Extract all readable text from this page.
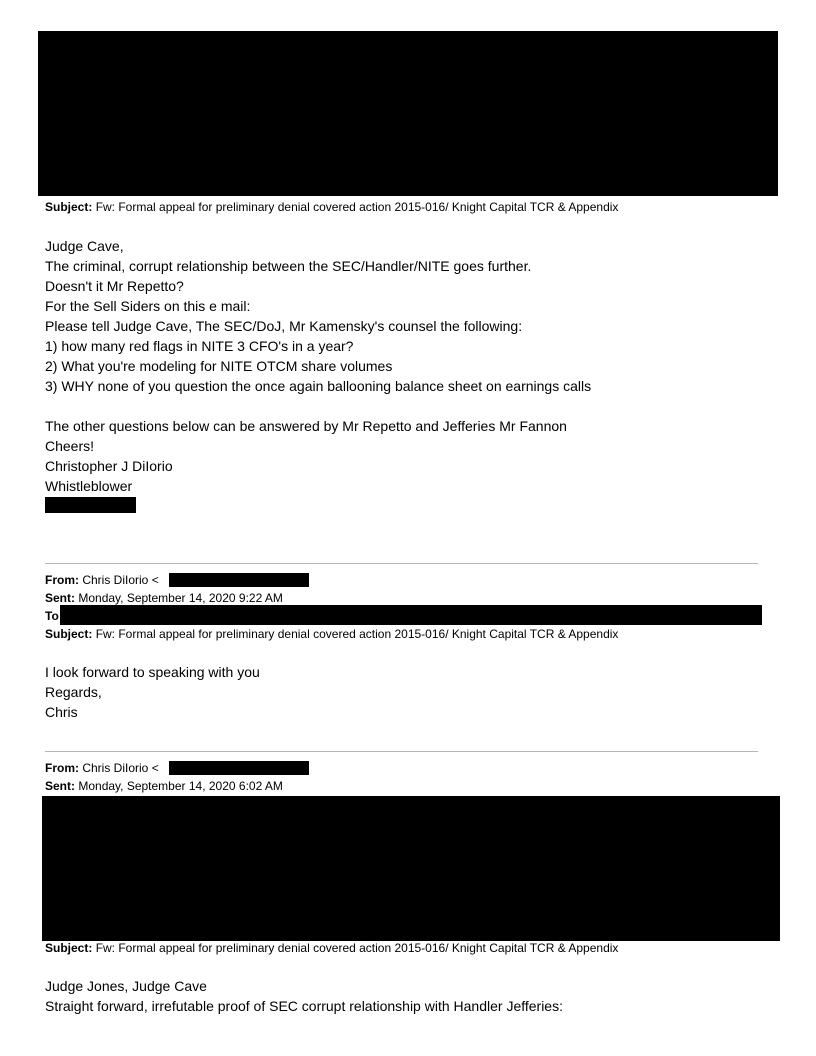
Subject: Fw: Formal appeal for preliminary denial covered action 2015-016/ Knight Capital TCR & Appendix
Judge Cave,
The criminal, corrupt relationship between the SEC/Handler/NITE goes further.
Doesn't it Mr Repetto?
For the Sell Siders on this e mail:
Please tell Judge Cave, The SEC/DoJ, Mr Kamensky's counsel the following:
1) how many red flags in NITE 3 CFO's in a year?
2) What you're modeling for NITE OTCM share volumes
3) WHY none of you question the once again ballooning balance sheet on earnings calls
The other questions below can be answered by Mr Repetto and Jefferies Mr Fannon
Cheers!
Christopher J DiIorio
Whistleblower
From: Chris DiIorio <
Sent: Monday, September 14, 2020 9:22 AM
To
Subject: Fw: Formal appeal for preliminary denial covered action 2015-016/ Knight Capital TCR & Appendix
I look forward to speaking with you
Regards,
Chris
From: Chris DiIorio <
Sent: Monday, September 14, 2020 6:02 AM
Subject: Fw: Formal appeal for preliminary denial covered action 2015-016/ Knight Capital TCR & Appendix
Judge Jones, Judge Cave
Straight forward, irrefutable proof of SEC corrupt relationship with Handler Jefferies:
